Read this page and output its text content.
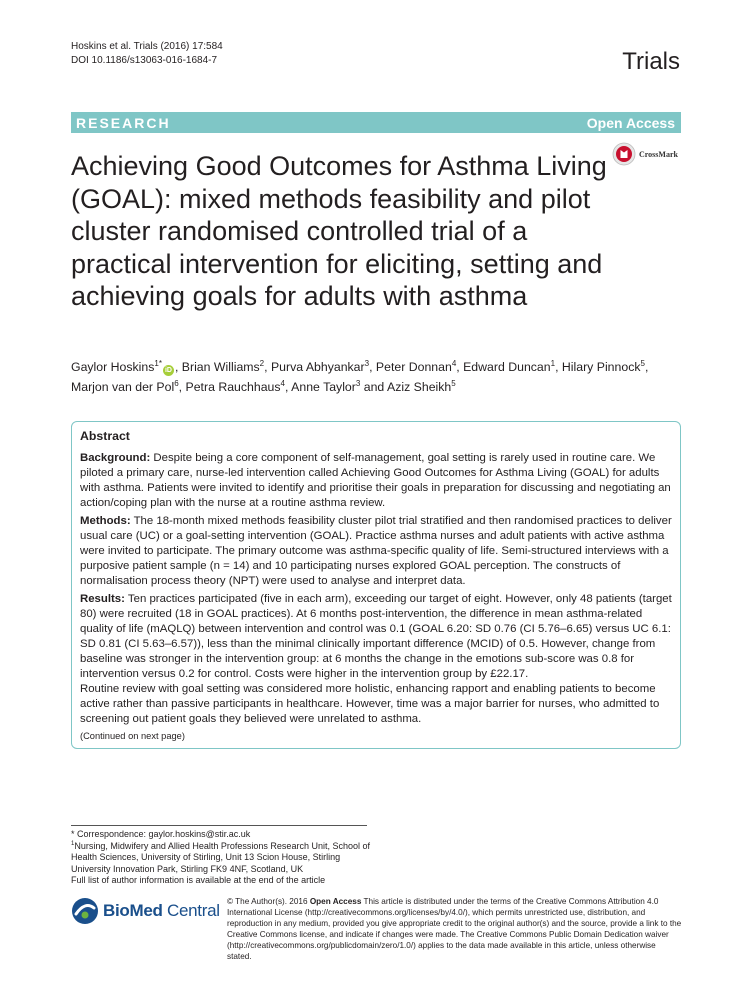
Hoskins et al. Trials (2016) 17:584
DOI 10.1186/s13063-016-1684-7	Trials
RESEARCH	Open Access
Achieving Good Outcomes for Asthma Living (GOAL): mixed methods feasibility and pilot cluster randomised controlled trial of a practical intervention for eliciting, setting and achieving goals for adults with asthma
CrossMark
Gaylor Hoskins$^{1*}$iD , Brian Williams$^2$, Purva Abhyankar$^3$, Peter Donnan$^4$, Edward Duncan$^1$, Hilary Pinnock$^5$, Marjon van der Pol$^6$, Petra Rauchhaus$^4$, Anne Taylor$^3$ and Aziz Sheikh$^5$
Abstract

Background: Despite being a core component of self-management, goal setting is rarely used in routine care. We piloted a primary care, nurse-led intervention called Achieving Good Outcomes for Asthma Living (GOAL) for adults with asthma. Patients were invited to identify and prioritise their goals in preparation for discussing and negotiating an action/coping plan with the nurse at a routine asthma review.

Methods: The 18-month mixed methods feasibility cluster pilot trial stratified and then randomised practices to deliver usual care (UC) or a goal-setting intervention (GOAL). Practice asthma nurses and adult patients with active asthma were invited to participate. The primary outcome was asthma-specific quality of life. Semi-structured interviews with a purposive patient sample (n = 14) and 10 participating nurses explored GOAL perception. The constructs of normalisation process theory (NPT) were used to analyse and interpret data.

Results: Ten practices participated (five in each arm), exceeding our target of eight. However, only 48 patients (target 80) were recruited (18 in GOAL practices). At 6 months post-intervention, the difference in mean asthma-related quality of life (mAQLQ) between intervention and control was 0.1 (GOAL 6.20: SD 0.76 (CI 5.76–6.65) versus UC 6.1: SD 0.81 (CI 5.63–6.57)), less than the minimal clinically important difference (MCID) of 0.5. However, change from baseline was stronger in the intervention group: at 6 months the change in the emotions sub-score was 0.8 for intervention versus 0.2 for control. Costs were higher in the intervention group by £22.17.

Routine review with goal setting was considered more holistic, enhancing rapport and enabling patients to become active rather than passive participants in healthcare. However, time was a major barrier for nurses, who admitted to screening out patient goals they believed were unrelated to asthma.

(Continued on next page)

* Correspondence: gaylor.hoskins@stir.ac.uk
$^1$Nursing, Midwifery and Allied Health Professions Research Unit, School of Health Sciences, University of Stirling, Unit 13 Scion House, Stirling University Innovation Park, Stirling FK9 4NF, Scotland, UK
Full list of author information is available at the end of the article
BioMed Central © The Author(s). 2016 Open Access This article is distributed under the terms of the Creative Commons Attribution 4.0 International License (http://creativecommons.org/licenses/by/4.0/), which permits unrestricted use, distribution, and reproduction in any medium, provided you give appropriate credit to the original author(s) and the source, provide a link to the Creative Commons license, and indicate if changes were made. The Creative Commons Public Domain Dedication waiver (http://creativecommons.org/publicdomain/zero/1.0/) applies to the data made available in this article, unless otherwise stated.
